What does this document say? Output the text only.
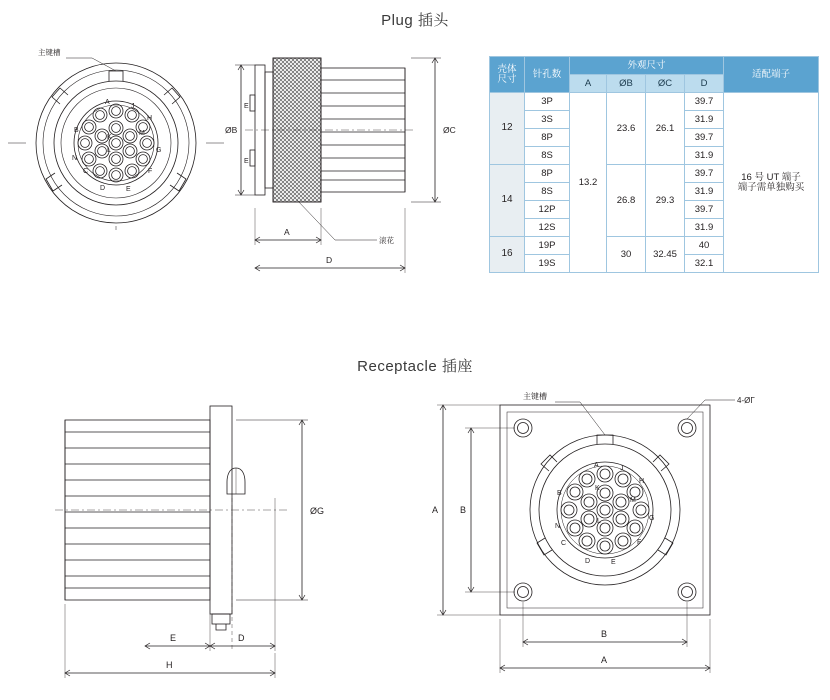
Plug 插头
Receptacle 插座
A
J
H
B
K
M
G
N
L
C	F
D	E
主键槽
ØB	ØC
A
D
滚花
E
E
壳体
尺寸	针孔数	外观尺寸				适配端子
		A	ØB	ØC	D	
12	3P	13.2	23.6	26.1	39.7	16 号 UT 端子
端子需单独购买

	3S				31.9	
	8P				39.7	
	8S				31.9	
14	8P		26.8	29.3	39.7	
	8S				31.9	
	12P				39.7	
	12S				31.9	
16	19P		30	32.45	40	
	19S				32.1	
ØG
E	D
H
A	J
H
B
K
M
G
N
L
C	F
D	E
主键槽	4-ØΓ
A B
B
A
